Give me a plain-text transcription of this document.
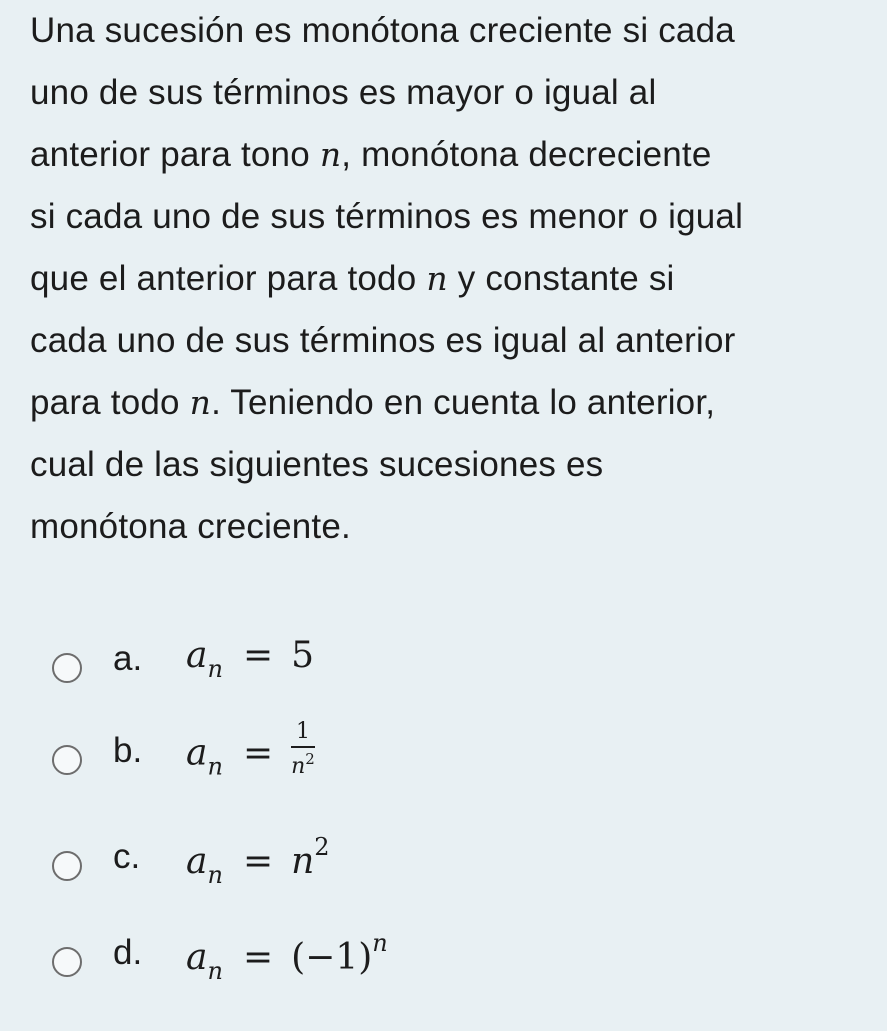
Una sucesión es monótona creciente si cada
uno de sus términos es mayor o igual al
anterior para tono n, monótona decreciente
si cada uno de sus términos es menor o igual
que el anterior para todo n y constante si
cada uno de sus términos es igual al anterior
para todo n. Teniendo en cuenta lo anterior,
cual de las siguientes sucesiones es
monótona creciente.
a. $a_n = 5$
b. $a_n = \frac{1}{n^2}$
c. $a_n = n^2$
d. $a_n = (-1)^n$
